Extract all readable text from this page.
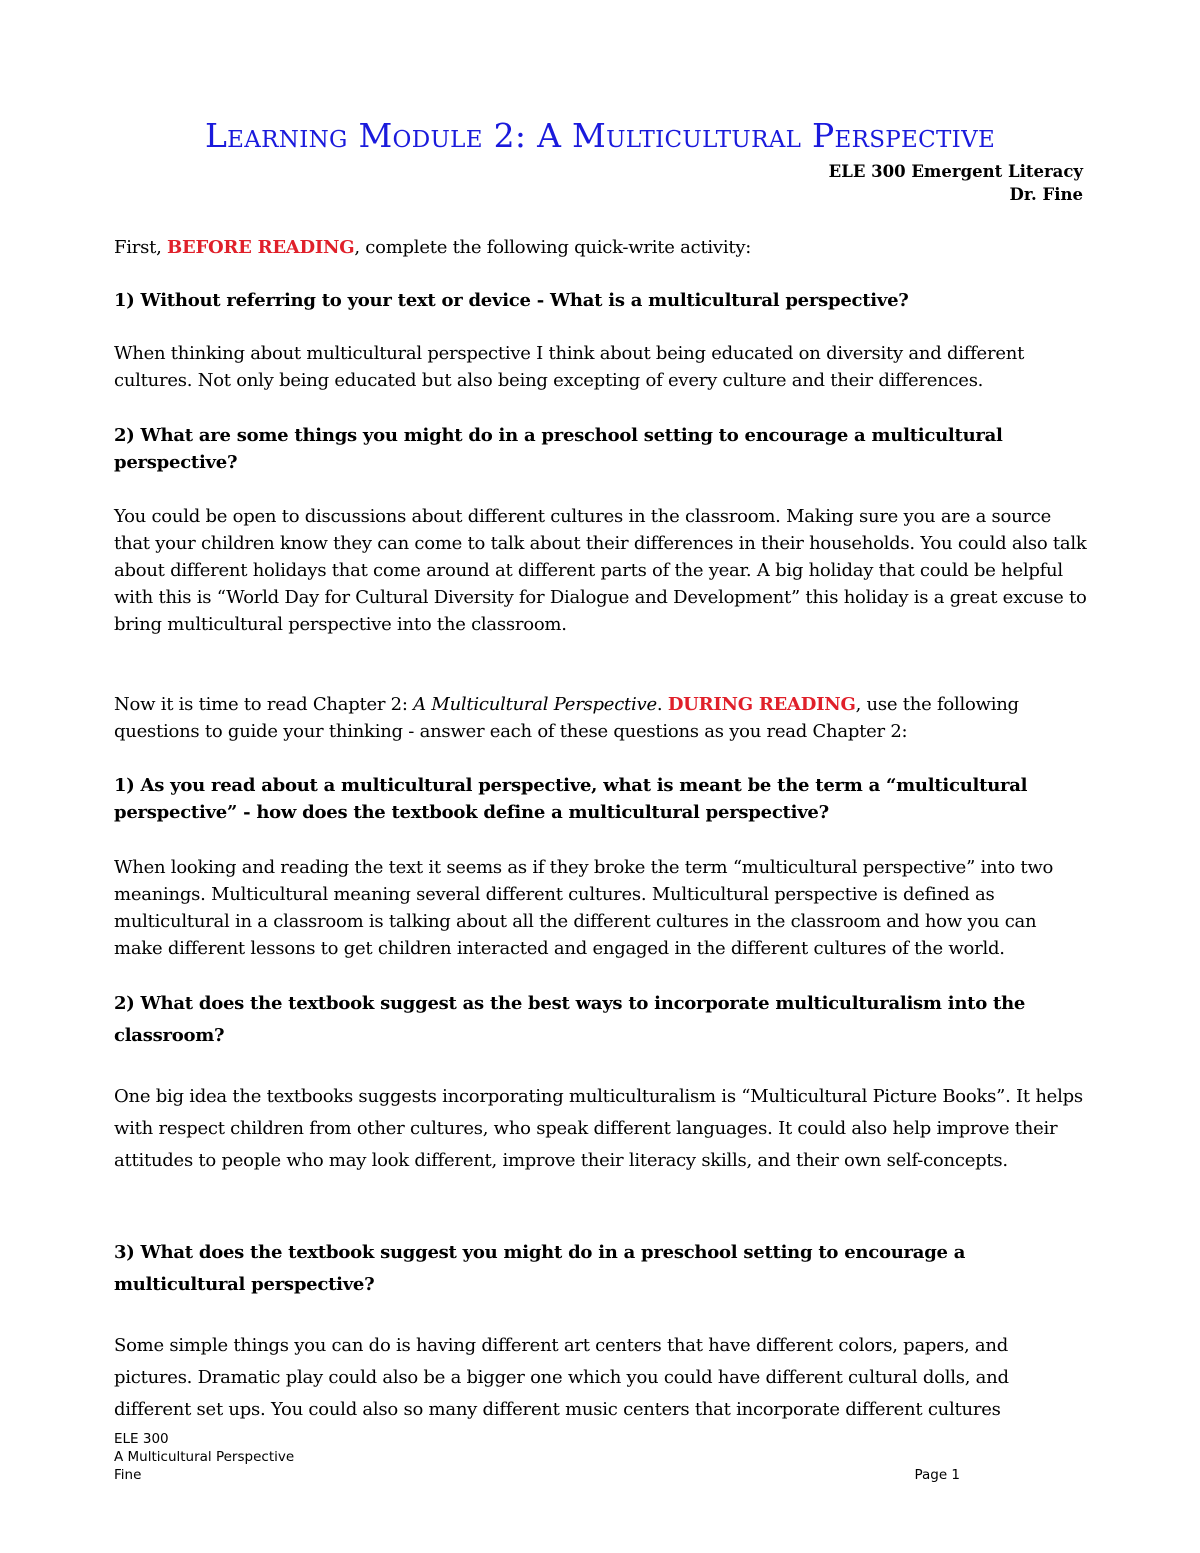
Learning Module 2: A Multicultural Perspective
ELE 300 Emergent Literacy
Dr. Fine
First, BEFORE READING, complete the following quick-write activity:
1) Without referring to your text or device - What is a multicultural perspective?
When thinking about multicultural perspective I think about being educated on diversity and different cultures. Not only being educated but also being excepting of every culture and their differences.
2) What are some things you might do in a preschool setting to encourage a multicultural perspective?
You could be open to discussions about different cultures in the classroom. Making sure you are a source that your children know they can come to talk about their differences in their households. You could also talk about different holidays that come around at different parts of the year. A big holiday that could be helpful with this is “World Day for Cultural Diversity for Dialogue and Development” this holiday is a great excuse to bring multicultural perspective into the classroom.
Now it is time to read Chapter 2: A Multicultural Perspective. DURING READING, use the following questions to guide your thinking - answer each of these questions as you read Chapter 2:
1) As you read about a multicultural perspective, what is meant be the term a “multicultural perspective” - how does the textbook define a multicultural perspective?
When looking and reading the text it seems as if they broke the term “multicultural perspective” into two meanings. Multicultural meaning several different cultures. Multicultural perspective is defined as multicultural in a classroom is talking about all the different cultures in the classroom and how you can make different lessons to get children interacted and engaged in the different cultures of the world.
2) What does the textbook suggest as the best ways to incorporate multiculturalism into the classroom?
One big idea the textbooks suggests incorporating multiculturalism is “Multicultural Picture Books”. It helps with respect children from other cultures, who speak different languages. It could also help improve their attitudes to people who may look different, improve their literacy skills, and their own self-concepts.
3) What does the textbook suggest you might do in a preschool setting to encourage a multicultural perspective?
Some simple things you can do is having different art centers that have different colors, papers, and pictures. Dramatic play could also be a bigger one which you could have different cultural dolls, and different set ups. You could also so many different music centers that incorporate different cultures
ELE 300
A Multicultural Perspective
Fine	Page 1
